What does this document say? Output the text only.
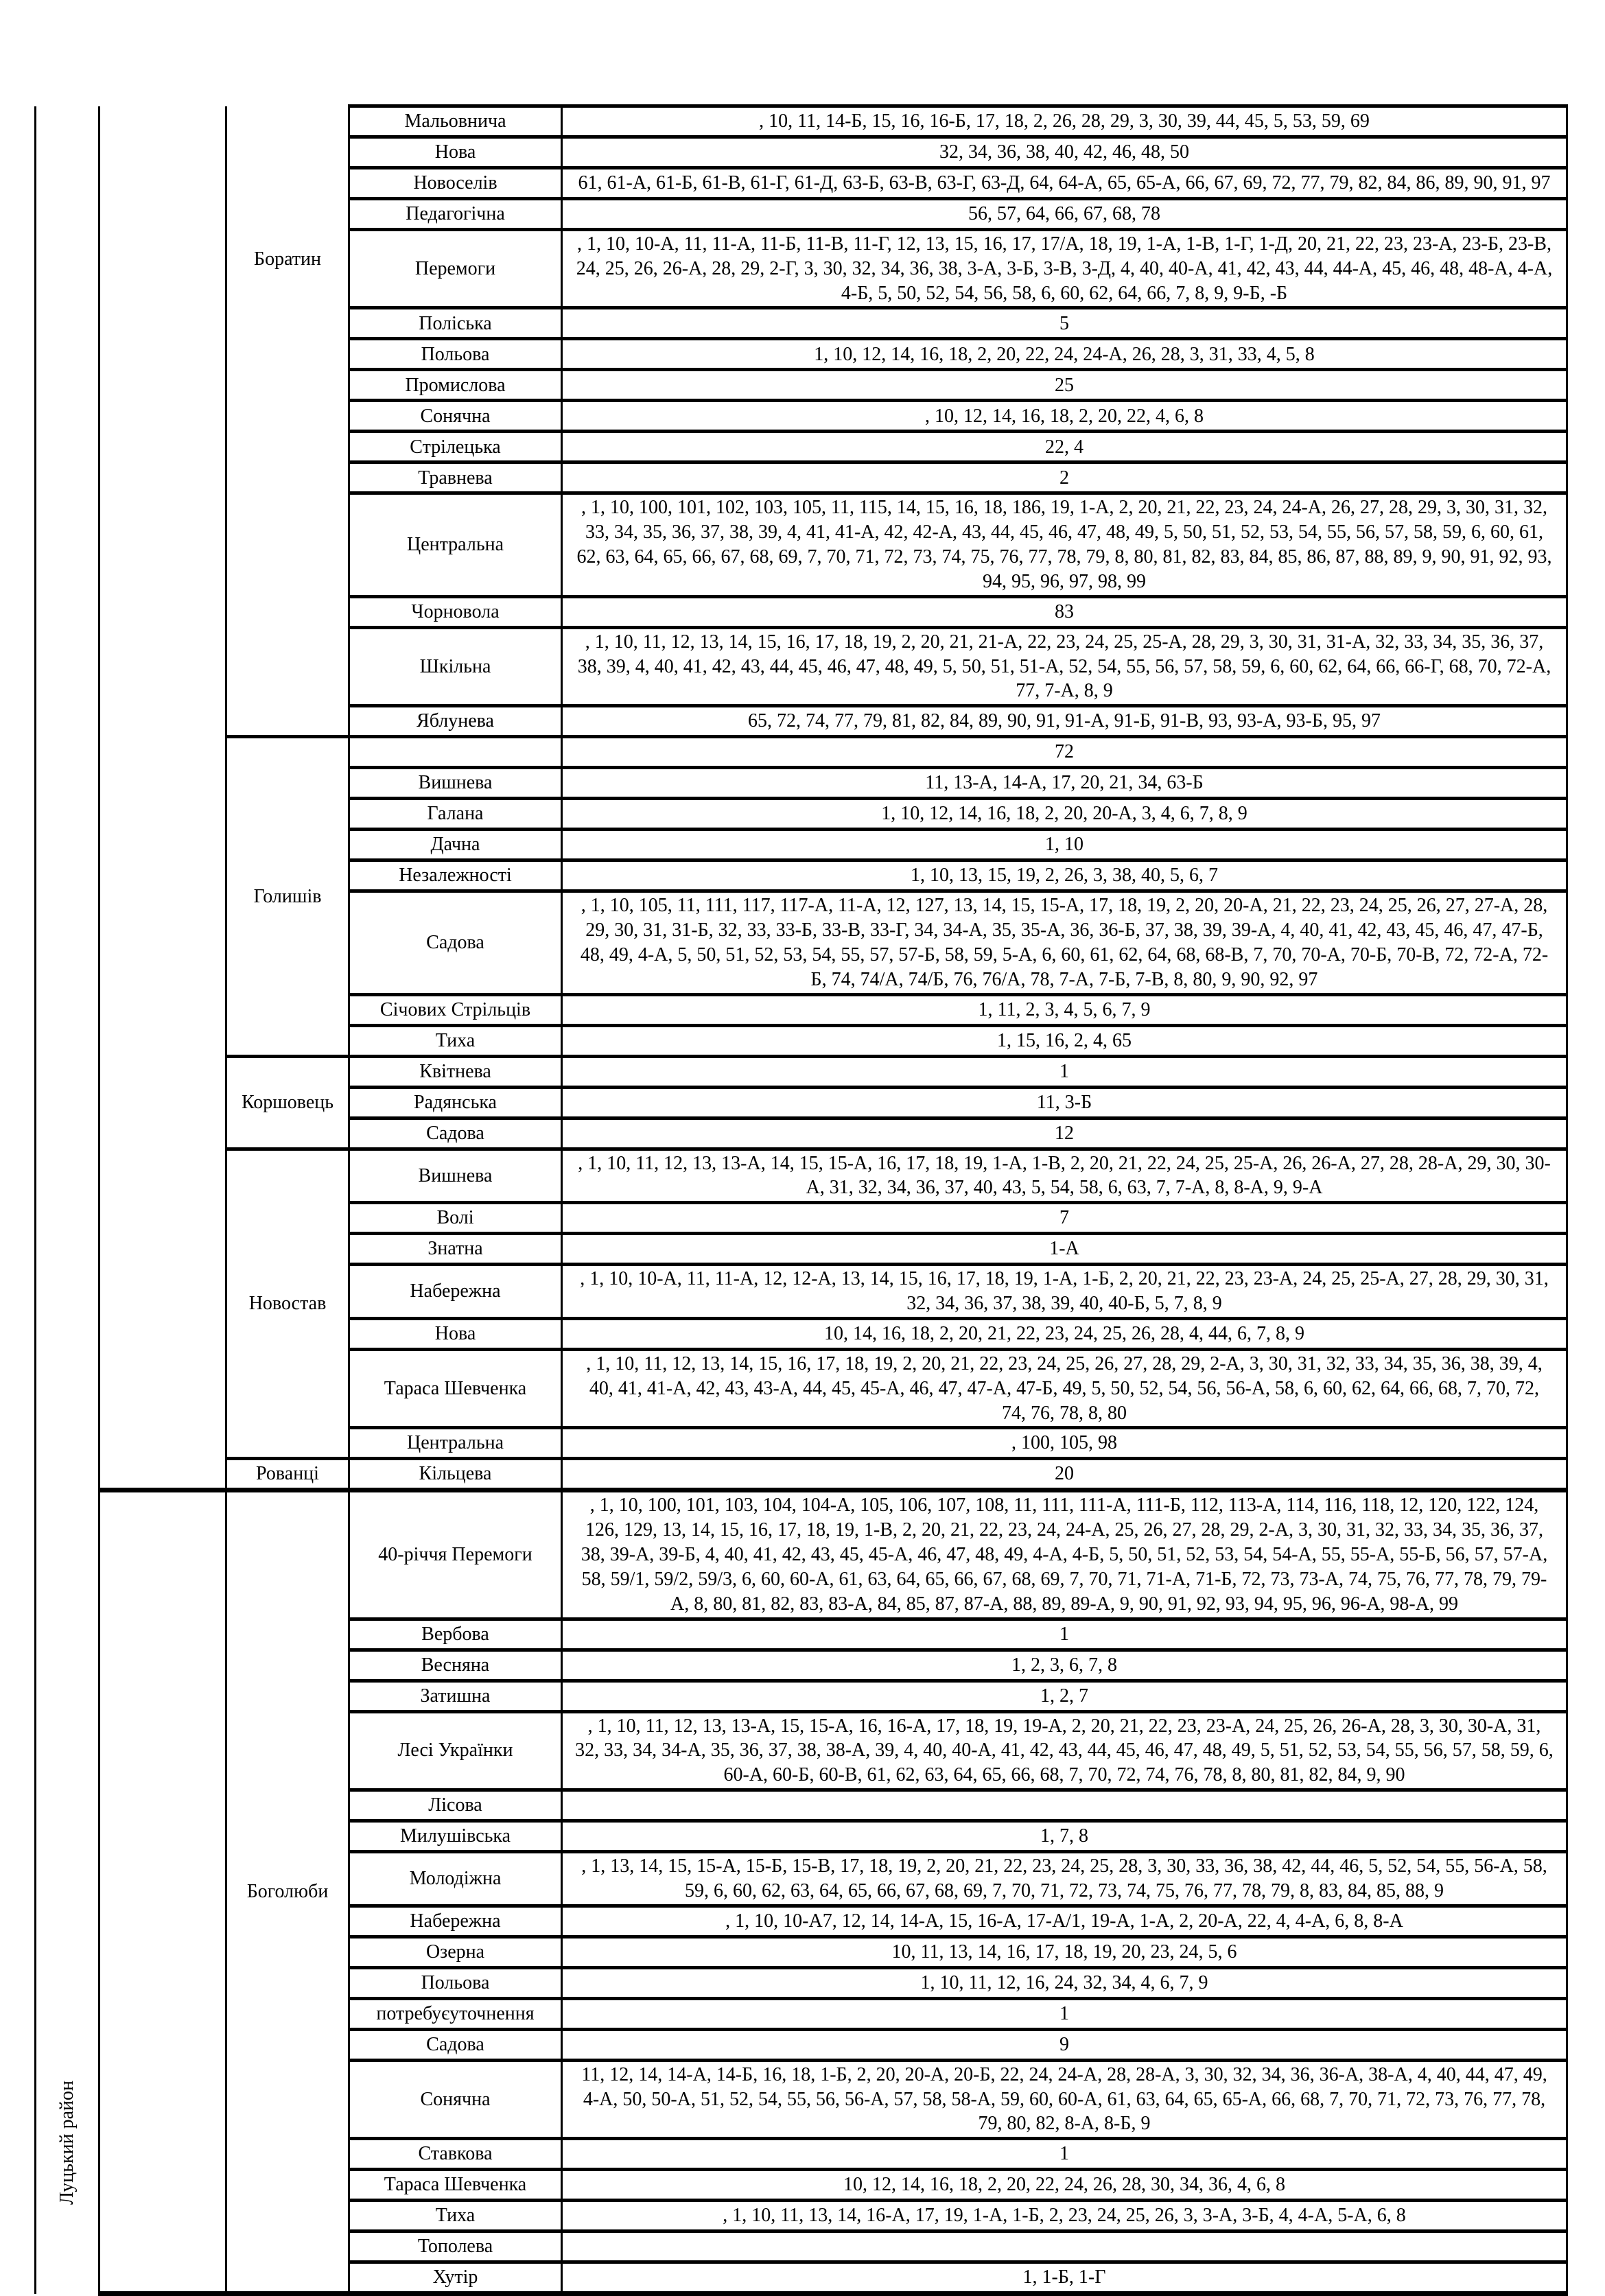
Луцький район		Боратин	Мальовнича	, 10, 11, 14-Б, 15, 16, 16-Б, 17, 18, 2, 26, 28, 29, 3, 30, 39, 44, 45, 5, 53, 59, 69
			Нова	32, 34, 36, 38, 40, 42, 46, 48, 50
			Новоселів	61, 61-А, 61-Б, 61-В, 61-Г, 61-Д, 63-Б, 63-В, 63-Г, 63-Д, 64, 64-А, 65, 65-А, 66, 67, 69, 72, 77, 79, 82, 84, 86, 89, 90, 91, 97
			Педагогічна	56, 57, 64, 66, 67, 68, 78
			Перемоги	, 1, 10, 10-А, 11, 11-А, 11-Б, 11-В, 11-Г, 12, 13, 15, 16, 17, 17/А, 18, 19, 1-А, 1-В, 1-Г, 1-Д, 20, 21, 22, 23, 23-А, 23-Б, 23-В, 24, 25, 26, 26-А, 28, 29, 2-Г, 3, 30, 32, 34, 36, 38, 3-А, 3-Б, 3-В, 3-Д, 4, 40, 40-А, 41, 42, 43, 44, 44-А, 45, 46, 48, 48-А, 4-А, 4-Б, 5, 50, 52, 54, 56, 58, 6, 60, 62, 64, 66, 7, 8, 9, 9-Б, -Б
			Поліська	5
			Польова	1, 10, 12, 14, 16, 18, 2, 20, 22, 24, 24-А, 26, 28, 3, 31, 33, 4, 5, 8
			Промислова	25
			Сонячна	, 10, 12, 14, 16, 18, 2, 20, 22, 4, 6, 8
			Стрілецька	22, 4
			Травнева	2
			Центральна	, 1, 10, 100, 101, 102, 103, 105, 11, 115, 14, 15, 16, 18, 186, 19, 1-А, 2, 20, 21, 22, 23, 24, 24-А, 26, 27, 28, 29, 3, 30, 31, 32, 33, 34, 35, 36, 37, 38, 39, 4, 41, 41-А, 42, 42-А, 43, 44, 45, 46, 47, 48, 49, 5, 50, 51, 52, 53, 54, 55, 56, 57, 58, 59, 6, 60, 61, 62, 63, 64, 65, 66, 67, 68, 69, 7, 70, 71, 72, 73, 74, 75, 76, 77, 78, 79, 8, 80, 81, 82, 83, 84, 85, 86, 87, 88, 89, 9, 90, 91, 92, 93, 94, 95, 96, 97, 98, 99
			Чорновола	83
			Шкільна	, 1, 10, 11, 12, 13, 14, 15, 16, 17, 18, 19, 2, 20, 21, 21-А, 22, 23, 24, 25, 25-А, 28, 29, 3, 30, 31, 31-А, 32, 33, 34, 35, 36, 37, 38, 39, 4, 40, 41, 42, 43, 44, 45, 46, 47, 48, 49, 5, 50, 51, 51-А, 52, 54, 55, 56, 57, 58, 59, 6, 60, 62, 64, 66, 66-Г, 68, 70, 72-А, 77, 7-А, 8, 9
			Яблунева	65, 72, 74, 77, 79, 81, 82, 84, 89, 90, 91, 91-А, 91-Б, 91-В, 93, 93-А, 93-Б, 95, 97
		Голишів		72
			Вишнева	11, 13-А, 14-А, 17, 20, 21, 34, 63-Б
			Галана	1, 10, 12, 14, 16, 18, 2, 20, 20-А, 3, 4, 6, 7, 8, 9
			Дачна	1, 10
			Незалежності	1, 10, 13, 15, 19, 2, 26, 3, 38, 40, 5, 6, 7
			Садова	, 1, 10, 105, 11, 111, 117, 117-А, 11-А, 12, 127, 13, 14, 15, 15-А, 17, 18, 19, 2, 20, 20-А, 21, 22, 23, 24, 25, 26, 27, 27-А, 28, 29, 30, 31, 31-Б, 32, 33, 33-Б, 33-В, 33-Г, 34, 34-А, 35, 35-А, 36, 36-Б, 37, 38, 39, 39-А, 4, 40, 41, 42, 43, 45, 46, 47, 47-Б, 48, 49, 4-А, 5, 50, 51, 52, 53, 54, 55, 57, 57-Б, 58, 59, 5-А, 6, 60, 61, 62, 64, 68, 68-В, 7, 70, 70-А, 70-Б, 70-В, 72, 72-А, 72-Б, 74, 74/А, 74/Б, 76, 76/А, 78, 7-А, 7-Б, 7-В, 8, 80, 9, 90, 92, 97
			Січових Стрільців	1, 11, 2, 3, 4, 5, 6, 7, 9
			Тиха	1, 15, 16, 2, 4, 65
		Коршовець	Квітнева	1
			Радянська	11, 3-Б
			Садова	12
		Новостав	Вишнева	, 1, 10, 11, 12, 13, 13-А, 14, 15, 15-А, 16, 17, 18, 19, 1-А, 1-В, 2, 20, 21, 22, 24, 25, 25-А, 26, 26-А, 27, 28, 28-А, 29, 30, 30-А, 31, 32, 34, 36, 37, 40, 43, 5, 54, 58, 6, 63, 7, 7-А, 8, 8-А, 9, 9-А
			Волі	7
			Знатна	1-А
			Набережна	, 1, 10, 10-А, 11, 11-А, 12, 12-А, 13, 14, 15, 16, 17, 18, 19, 1-А, 1-Б, 2, 20, 21, 22, 23, 23-А, 24, 25, 25-А, 27, 28, 29, 30, 31, 32, 34, 36, 37, 38, 39, 40, 40-Б, 5, 7, 8, 9
			Нова	10, 14, 16, 18, 2, 20, 21, 22, 23, 24, 25, 26, 28, 4, 44, 6, 7, 8, 9
			Тараса Шевченка	, 1, 10, 11, 12, 13, 14, 15, 16, 17, 18, 19, 2, 20, 21, 22, 23, 24, 25, 26, 27, 28, 29, 2-А, 3, 30, 31, 32, 33, 34, 35, 36, 38, 39, 4, 40, 41, 41-А, 42, 43, 43-А, 44, 45, 45-А, 46, 47, 47-А, 47-Б, 49, 5, 50, 52, 54, 56, 56-А, 58, 6, 60, 62, 64, 66, 68, 7, 70, 72, 74, 76, 78, 8, 80
			Центральна	, 100, 105, 98
		Рованці	Кільцева	20
		Боголюби	40-річчя Перемоги	, 1, 10, 100, 101, 103, 104, 104-А, 105, 106, 107, 108, 11, 111, 111-А, 111-Б, 112, 113-А, 114, 116, 118, 12, 120, 122, 124, 126, 129, 13, 14, 15, 16, 17, 18, 19, 1-В, 2, 20, 21, 22, 23, 24, 24-А, 25, 26, 27, 28, 29, 2-А, 3, 30, 31, 32, 33, 34, 35, 36, 37, 38, 39-А, 39-Б, 4, 40, 41, 42, 43, 45, 45-А, 46, 47, 48, 49, 4-А, 4-Б, 5, 50, 51, 52, 53, 54, 54-А, 55, 55-А, 55-Б, 56, 57, 57-А, 58, 59/1, 59/2, 59/3, 6, 60, 60-А, 61, 63, 64, 65, 66, 67, 68, 69, 7, 70, 71, 71-А, 71-Б, 72, 73, 73-А, 74, 75, 76, 77, 78, 79, 79-А, 8, 80, 81, 82, 83, 83-А, 84, 85, 87, 87-А, 88, 89, 89-А, 9, 90, 91, 92, 93, 94, 95, 96, 96-А, 98-А, 99
			Вербова	1
			Весняна	1, 2, 3, 6, 7, 8
			Затишна	1, 2, 7
			Лесі Українки	, 1, 10, 11, 12, 13, 13-А, 15, 15-А, 16, 16-А, 17, 18, 19, 19-А, 2, 20, 21, 22, 23, 23-А, 24, 25, 26, 26-А, 28, 3, 30, 30-А, 31, 32, 33, 34, 34-А, 35, 36, 37, 38, 38-А, 39, 4, 40, 40-А, 41, 42, 43, 44, 45, 46, 47, 48, 49, 5, 51, 52, 53, 54, 55, 56, 57, 58, 59, 6, 60-А, 60-Б, 60-В, 61, 62, 63, 64, 65, 66, 68, 7, 70, 72, 74, 76, 78, 8, 80, 81, 82, 84, 9, 90
			Лісова	
			Милушівська	1, 7, 8
			Молодіжна	, 1, 13, 14, 15, 15-А, 15-Б, 15-В, 17, 18, 19, 2, 20, 21, 22, 23, 24, 25, 28, 3, 30, 33, 36, 38, 42, 44, 46, 5, 52, 54, 55, 56-А, 58, 59, 6, 60, 62, 63, 64, 65, 66, 67, 68, 69, 7, 70, 71, 72, 73, 74, 75, 76, 77, 78, 79, 8, 83, 84, 85, 88, 9
			Набережна	, 1, 10, 10-А7, 12, 14, 14-А, 15, 16-А, 17-А/1, 19-А, 1-А, 2, 20-А, 22, 4, 4-А, 6, 8, 8-А
			Озерна	10, 11, 13, 14, 16, 17, 18, 19, 20, 23, 24, 5, 6
			Польова	1, 10, 11, 12, 16, 24, 32, 34, 4, 6, 7, 9
			потребуєуточнення	1
			Садова	9
			Сонячна	11, 12, 14, 14-А, 14-Б, 16, 18, 1-Б, 2, 20, 20-А, 20-Б, 22, 24, 24-А, 28, 28-А, 3, 30, 32, 34, 36, 36-А, 38-А, 4, 40, 44, 47, 49, 4-А, 50, 50-А, 51, 52, 54, 55, 56, 56-А, 57, 58, 58-А, 59, 60, 60-А, 61, 63, 64, 65, 65-А, 66, 68, 7, 70, 71, 72, 73, 76, 77, 78, 79, 80, 82, 8-А, 8-Б, 9
			Ставкова	1
			Тараса Шевченка	10, 12, 14, 16, 18, 2, 20, 22, 24, 26, 28, 30, 34, 36, 4, 6, 8
			Тиха	, 1, 10, 11, 13, 14, 16-А, 17, 19, 1-А, 1-Б, 2, 23, 24, 25, 26, 3, 3-А, 3-Б, 4, 4-А, 5-А, 6, 8
			Тополева	
			Хутір	1, 1-Б, 1-Г
